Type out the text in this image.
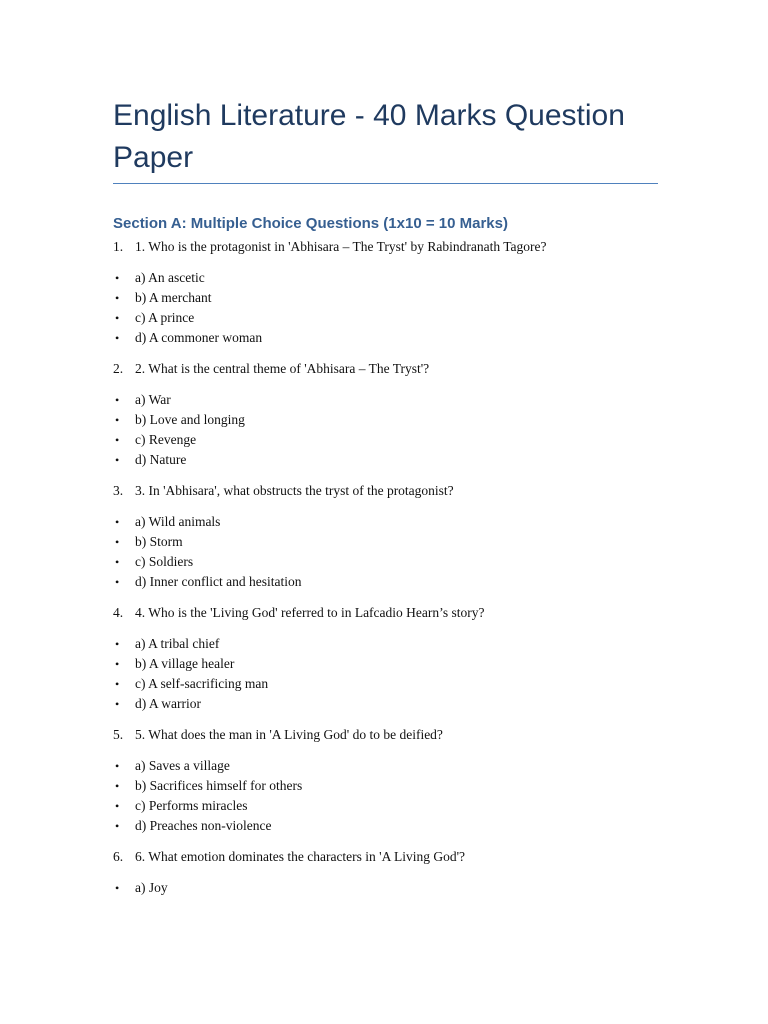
English Literature - 40 Marks Question Paper
Section A: Multiple Choice Questions (1x10 = 10 Marks)
1. 1. Who is the protagonist in 'Abhisara – The Tryst' by Rabindranath Tagore?
• a) An ascetic
• b) A merchant
• c) A prince
• d) A commoner woman
2. 2. What is the central theme of 'Abhisara – The Tryst'?
• a) War
• b) Love and longing
• c) Revenge
• d) Nature
3. 3. In 'Abhisara', what obstructs the tryst of the protagonist?
• a) Wild animals
• b) Storm
• c) Soldiers
• d) Inner conflict and hesitation
4. 4. Who is the 'Living God' referred to in Lafcadio Hearn’s story?
• a) A tribal chief
• b) A village healer
• c) A self-sacrificing man
• d) A warrior
5. 5. What does the man in 'A Living God' do to be deified?
• a) Saves a village
• b) Sacrifices himself for others
• c) Performs miracles
• d) Preaches non-violence
6. 6. What emotion dominates the characters in 'A Living God'?
• a) Joy
